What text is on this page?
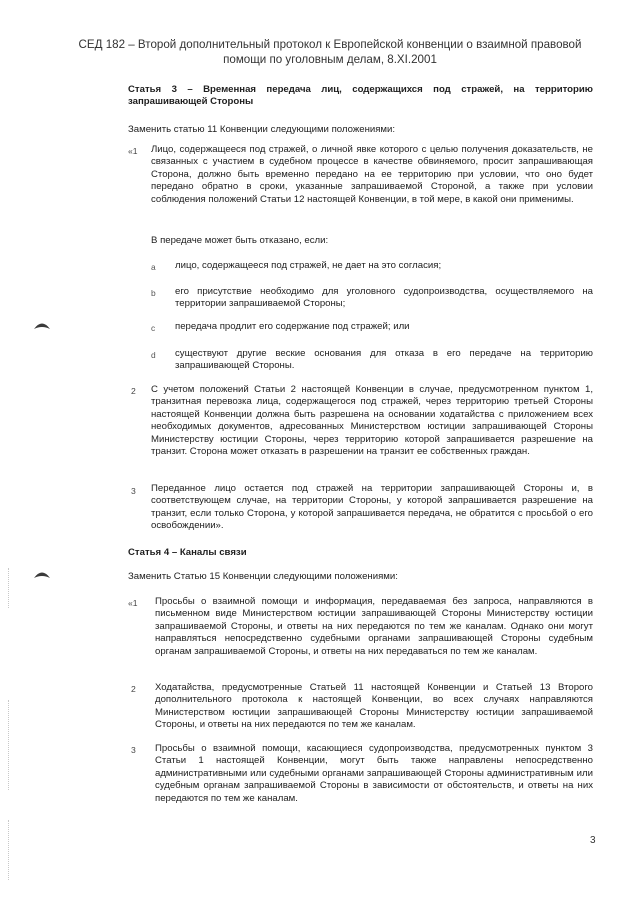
СЕД 182 – Второй дополнительный протокол к Европейской конвенции о взаимной правовой
помощи по уголовным делам, 8.XI.2001
Статья 3 – Временная передача лиц, содержащихся под стражей, на территорию запрашивающей Стороны
Заменить статью 11 Конвенции следующими положениями:
«1 Лицо, содержащееся под стражей, о личной явке которого с целью получения доказательств, не связанных с участием в судебном процессе в качестве обвиняемого, просит запрашивающая Сторона, должно быть временно передано на ее территорию при условии, что оно будет передано обратно в сроки, указанные запрашиваемой Стороной, а также при условии соблюдения положений Статьи 12 настоящей Конвенции, в той мере, в какой они применимы.
В передаче может быть отказано, если:
a лицо, содержащееся под стражей, не дает на это согласия;
b его присутствие необходимо для уголовного судопроизводства, осуществляемого на территории запрашиваемой Стороны;
c передача продлит его содержание под стражей; или
d существуют другие веские основания для отказа в его передаче на территорию запрашивающей Стороны.
2 С учетом положений Статьи 2 настоящей Конвенции в случае, предусмотренном пунктом 1, транзитная перевозка лица, содержащегося под стражей, через территорию третьей Стороны настоящей Конвенции должна быть разрешена на основании ходатайства с приложением всех необходимых документов, адресованных Министерством юстиции запрашивающей Стороны Министерству юстиции Стороны, через территорию которой запрашивается разрешение на транзит. Сторона может отказать в разрешении на транзит ее собственных граждан.
3 Переданное лицо остается под стражей на территории запрашивающей Стороны и, в соответствующем случае, на территории Стороны, у которой запрашивается разрешение на транзит, если только Сторона, у которой запрашивается передача, не обратится с просьбой о его освобождении».
Статья 4 – Каналы связи
Заменить Статью 15 Конвенции следующими положениями:
«1 Просьбы о взаимной помощи и информация, передаваемая без запроса, направляются в письменном виде Министерством юстиции запрашивающей Стороны Министерству юстиции запрашиваемой Стороны, и ответы на них передаются по тем же каналам. Однако они могут направляться непосредственно судебными органами запрашивающей Стороны судебным органам запрашиваемой Стороны, и ответы на них передаваться по тем же каналам.
2 Ходатайства, предусмотренные Статьей 11 настоящей Конвенции и Статьей 13 Второго дополнительного протокола к настоящей Конвенции, во всех случаях направляются Министерством юстиции запрашивающей Стороны Министерству юстиции запрашиваемой Стороны, и ответы на них передаются по тем же каналам.
3 Просьбы о взаимной помощи, касающиеся судопроизводства, предусмотренных пунктом 3 Статьи 1 настоящей Конвенции, могут быть также направлены непосредственно административными или судебными органами запрашивающей Стороны административным или судебным органам запрашиваемой Стороны в зависимости от обстоятельств, и ответы на них передаются по тем же каналам.
3
